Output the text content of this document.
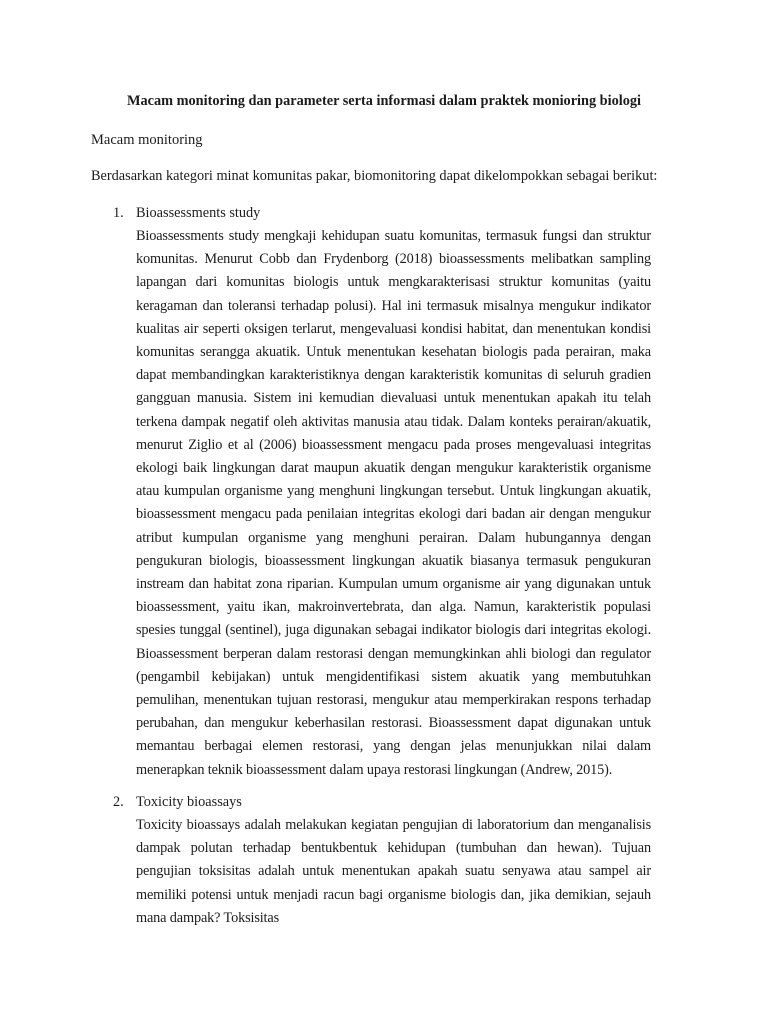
Macam monitoring dan parameter serta informasi dalam praktek monioring biologi
Macam monitoring
Berdasarkan kategori minat komunitas pakar, biomonitoring dapat dikelompokkan sebagai berikut:
1. Bioassessments study
Bioassessments study mengkaji kehidupan suatu komunitas, termasuk fungsi dan struktur komunitas. Menurut Cobb dan Frydenborg (2018) bioassessments melibatkan sampling lapangan dari komunitas biologis untuk mengkarakterisasi struktur komunitas (yaitu keragaman dan toleransi terhadap polusi). Hal ini termasuk misalnya mengukur indikator kualitas air seperti oksigen terlarut, mengevaluasi kondisi habitat, dan menentukan kondisi komunitas serangga akuatik. Untuk menentukan kesehatan biologis pada perairan, maka dapat membandingkan karakteristiknya dengan karakteristik komunitas di seluruh gradien gangguan manusia. Sistem ini kemudian dievaluasi untuk menentukan apakah itu telah terkena dampak negatif oleh aktivitas manusia atau tidak. Dalam konteks perairan/akuatik, menurut Ziglio et al (2006) bioassessment mengacu pada proses mengevaluasi integritas ekologi baik lingkungan darat maupun akuatik dengan mengukur karakteristik organisme atau kumpulan organisme yang menghuni lingkungan tersebut. Untuk lingkungan akuatik, bioassessment mengacu pada penilaian integritas ekologi dari badan air dengan mengukur atribut kumpulan organisme yang menghuni perairan. Dalam hubungannya dengan pengukuran biologis, bioassessment lingkungan akuatik biasanya termasuk pengukuran instream dan habitat zona riparian. Kumpulan umum organisme air yang digunakan untuk bioassessment, yaitu ikan, makroinvertebrata, dan alga. Namun, karakteristik populasi spesies tunggal (sentinel), juga digunakan sebagai indikator biologis dari integritas ekologi. Bioassessment berperan dalam restorasi dengan memungkinkan ahli biologi dan regulator (pengambil kebijakan) untuk mengidentifikasi sistem akuatik yang membutuhkan pemulihan, menentukan tujuan restorasi, mengukur atau memperkirakan respons terhadap perubahan, dan mengukur keberhasilan restorasi. Bioassessment dapat digunakan untuk memantau berbagai elemen restorasi, yang dengan jelas menunjukkan nilai dalam menerapkan teknik bioassessment dalam upaya restorasi lingkungan (Andrew, 2015).
2. Toxicity bioassays
Toxicity bioassays adalah melakukan kegiatan pengujian di laboratorium dan menganalisis dampak polutan terhadap bentukbentuk kehidupan (tumbuhan dan hewan). Tujuan pengujian toksisitas adalah untuk menentukan apakah suatu senyawa atau sampel air memiliki potensi untuk menjadi racun bagi organisme biologis dan, jika demikian, sejauh mana dampak? Toksisitas
